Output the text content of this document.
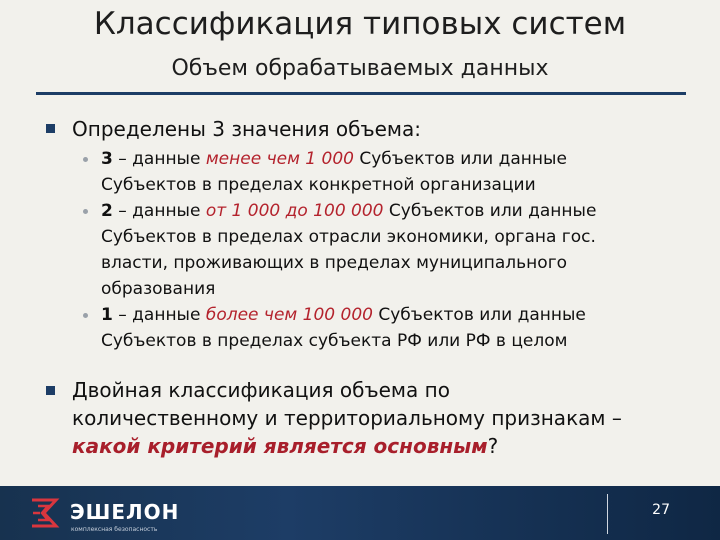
Классификация типовых систем
Объем обрабатываемых данных
Определены 3 значения объема:
3 – данные менее чем 1 000 Субъектов или данные
Субъектов в пределах конкретной организации
2 – данные от 1 000 до 100 000 Субъектов или данные
Субъектов в пределах отрасли экономики, органа гос.
власти, проживающих в пределах муниципального
образования
1 – данные более чем 100 000 Субъектов или данные
Субъектов в пределах субъекта РФ или РФ в целом
Двойная классификация объема по
количественному и территориальному признакам –
какой критерий является основным?
ЭШЕЛОН
комплексная безопасность
27
